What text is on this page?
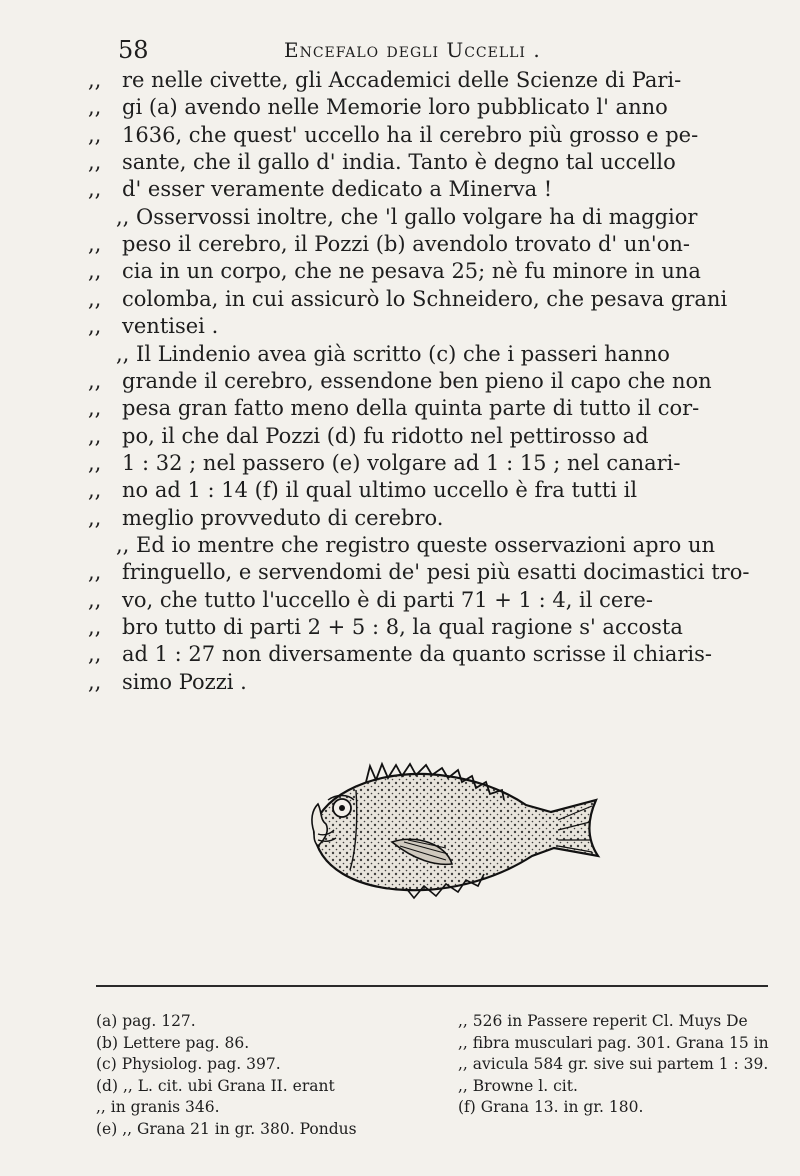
58	Encefalo degli Uccelli .
,, re nelle civette, gli Accademici delle Scienze di Pari-
,, gi (a) avendo nelle Memorie loro pubblicato l' anno
,, 1636, che quest' uccello ha il cerebro più grosso e pe-
,, sante, che il gallo d' india. Tanto è degno tal uccello
,, d' esser veramente dedicato a Minerva !
,, Osservossi inoltre, che 'l gallo volgare ha di maggior
,, peso il cerebro, il Pozzi (b) avendolo trovato d' un'on-
,, cia in un corpo, che ne pesava 25; nè fu minore in una
,, colomba, in cui assicurò lo Schneidero, che pesava grani
,, ventisei .
,, Il Lindenio avea già scritto (c) che i passeri hanno
,, grande il cerebro, essendone ben pieno il capo che non
,, pesa gran fatto meno della quinta parte di tutto il cor-
,, po, il che dal Pozzi (d) fu ridotto nel pettirosso ad
,, 1 : 32 ; nel passero (e) volgare ad 1 : 15 ; nel canari-
,, no ad 1 : 14 (f) il qual ultimo uccello è fra tutti il
,, meglio provveduto di cerebro.
,, Ed io mentre che registro queste osservazioni apro un
,, fringuello, e servendomi de' pesi più esatti docimastici tro-
,, vo, che tutto l'uccello è di parti 71 + 1 : 4, il cere-
,, bro tutto di parti 2 + 5 : 8, la qual ragione s' accosta
,, ad 1 : 27 non diversamente da quanto scrisse il chiaris-
,, simo Pozzi .
(a) pag. 127.
(b) Lettere pag. 86.
(c) Physiolog. pag. 397.
(d) ,, L. cit. ubi Grana II. erant
,, in granis 346.
(e) ,, Grana 21 in gr. 380. Pondus
,, 526 in Passere reperit Cl. Muys De
,, fibra musculari pag. 301. Grana 15 in
,, avicula 584 gr. sive sui partem 1 : 39.
,, Browne l. cit.
(f) Grana 13. in gr. 180.
